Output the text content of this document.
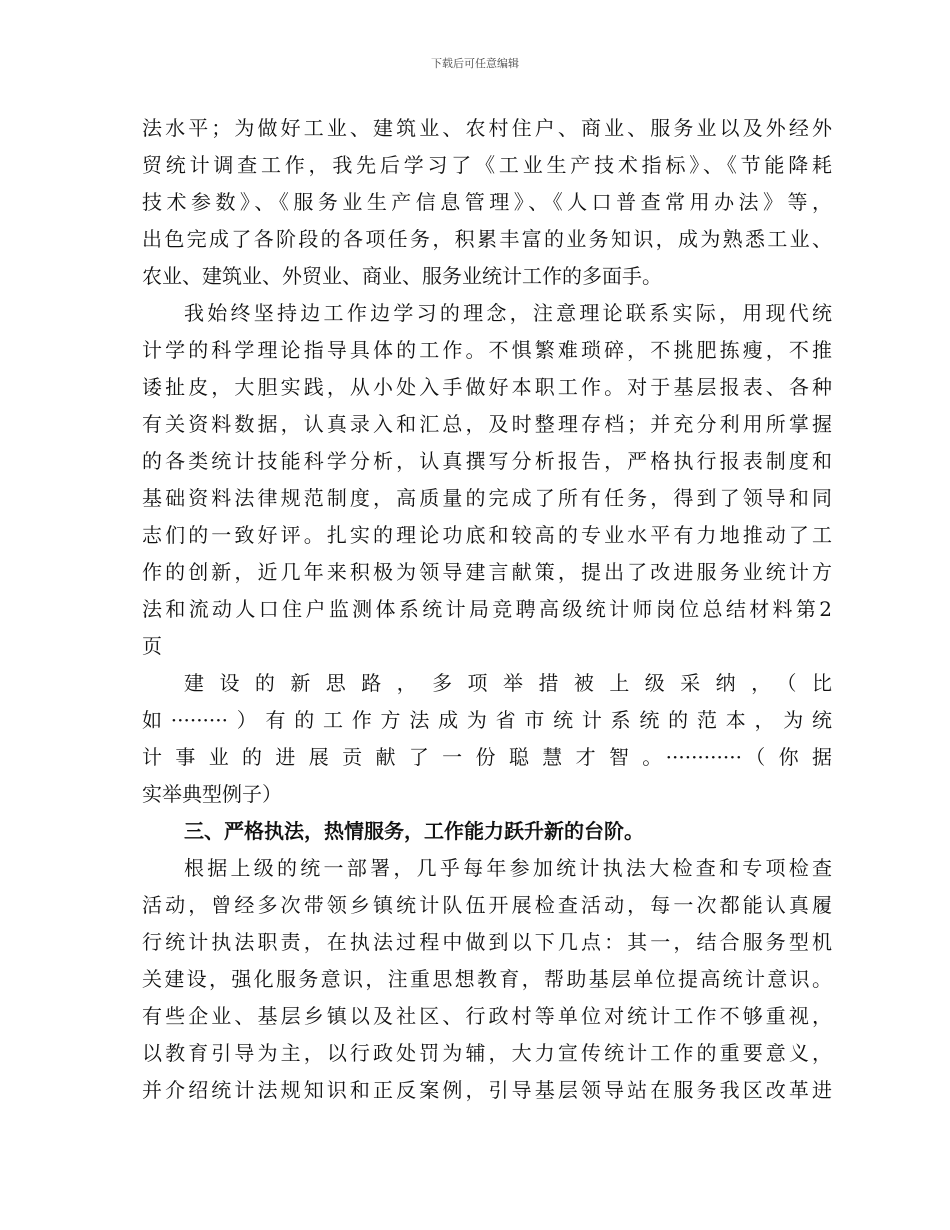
下载后可任意编辑
法水平；为做好工业、建筑业、农村住户、商业、服务业以及外经外
贸统计调查工作，我先后学习了《工业生产技术指标》、《节能降耗
技术参数》、《服务业生产信息管理》、《人口普查常用办法》等，
出色完成了各阶段的各项任务，积累丰富的业务知识，成为熟悉工业、
农业、建筑业、外贸业、商业、服务业统计工作的多面手。
我始终坚持边工作边学习的理念，注意理论联系实际，用现代统
计学的科学理论指导具体的工作。不惧繁难琐碎，不挑肥拣瘦，不推
诿扯皮，大胆实践，从小处入手做好本职工作。对于基层报表、各种
有关资料数据，认真录入和汇总，及时整理存档；并充分利用所掌握
的各类统计技能科学分析，认真撰写分析报告，严格执行报表制度和
基础资料法律规范制度，高质量的完成了所有任务，得到了领导和同
志们的一致好评。扎实的理论功底和较高的专业水平有力地推动了工
作的创新，近几年来积极为领导建言献策，提出了改进服务业统计方
法和流动人口住户监测体系统计局竞聘高级统计师岗位总结材料第2
页
建设的新思路，多项举措被上级采纳，（比
如·········）有的工作方法成为省市统计系统的范本，为统
计事业的进展贡献了一份聪慧才智。············（你据
实举典型例子）
三、严格执法，热情服务，工作能力跃升新的台阶。
根据上级的统一部署，几乎每年参加统计执法大检查和专项检查
活动，曾经多次带领乡镇统计队伍开展检查活动，每一次都能认真履
行统计执法职责，在执法过程中做到以下几点：其一，结合服务型机
关建设，强化服务意识，注重思想教育，帮助基层单位提高统计意识。
有些企业、基层乡镇以及社区、行政村等单位对统计工作不够重视，
以教育引导为主，以行政处罚为辅，大力宣传统计工作的重要意义，
并介绍统计法规知识和正反案例，引导基层领导站在服务我区改革进
